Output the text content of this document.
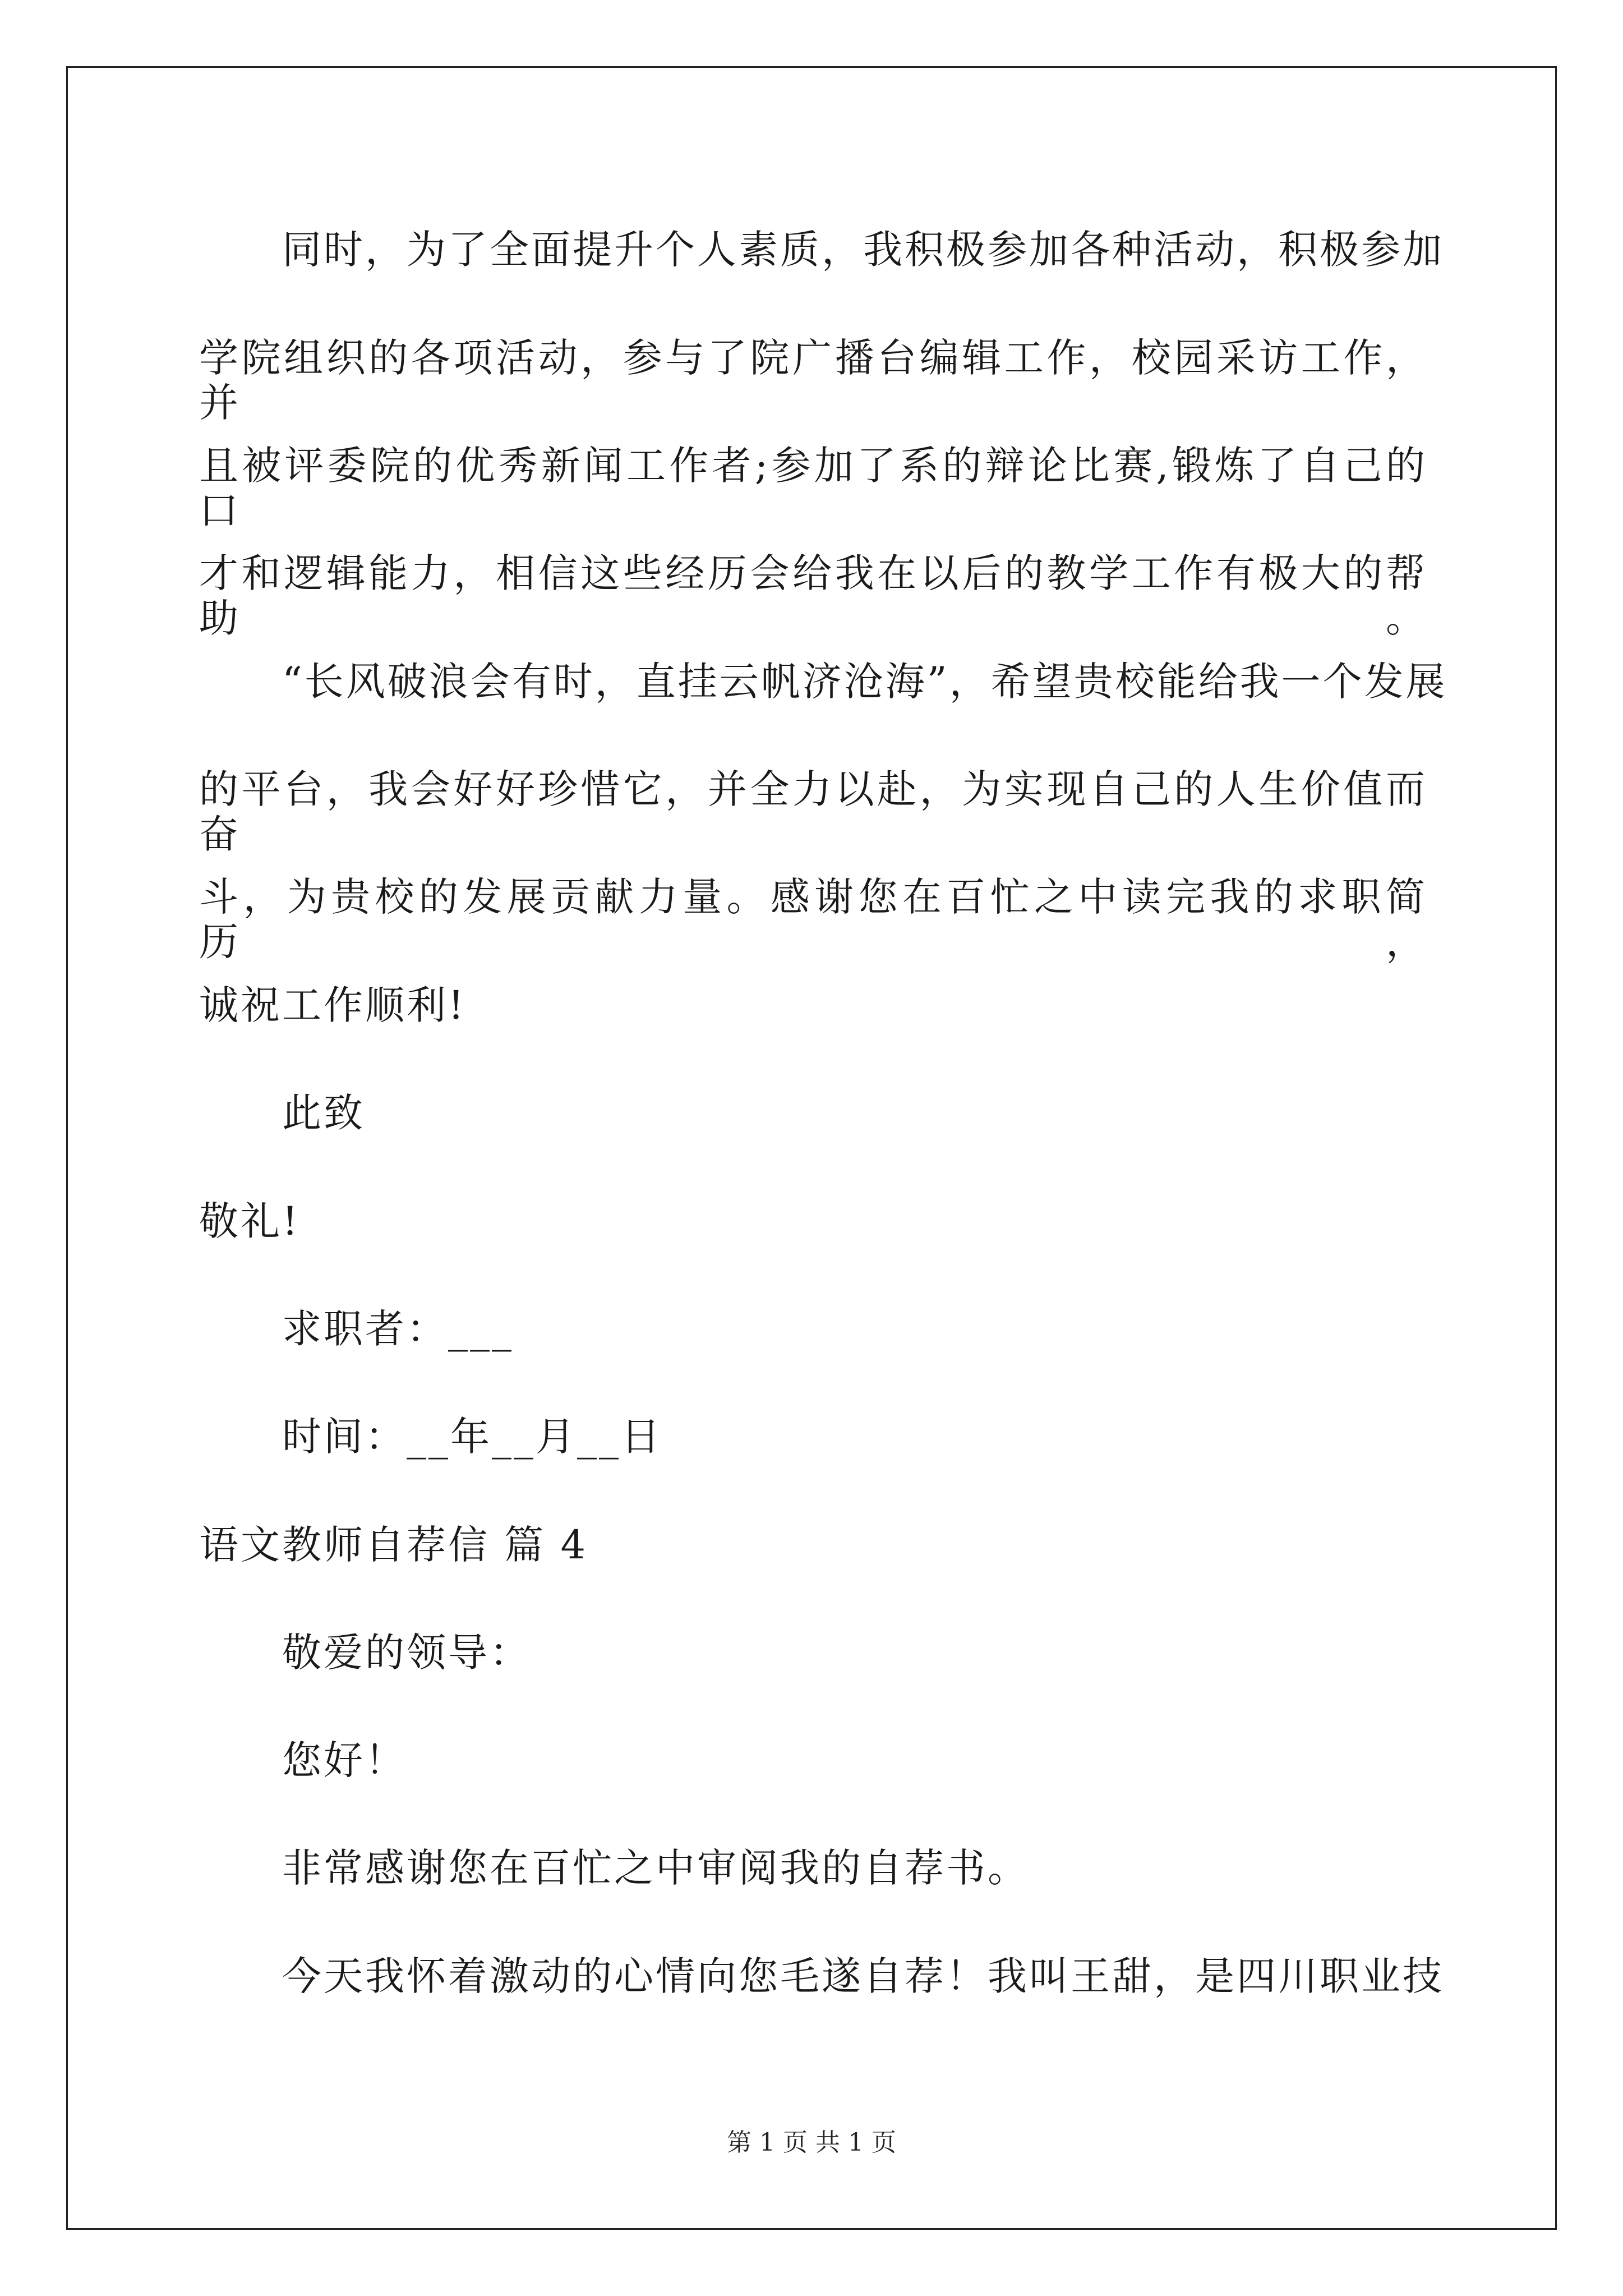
同时，为了全面提升个人素质，我积极参加各种活动，积极参加
学院组织的各项活动，参与了院广播台编辑工作，校园采访工作，并
且被评委院的优秀新闻工作者;参加了系的辩论比赛,锻炼了自己的口
才和逻辑能力，相信这些经历会给我在以后的教学工作有极大的帮助。
“长风破浪会有时，直挂云帆济沧海”，希望贵校能给我一个发展
的平台，我会好好珍惜它，并全力以赴，为实现自己的人生价值而奋
斗，为贵校的发展贡献力量。感谢您在百忙之中读完我的求职简历，
诚祝工作顺利!
此致
敬礼!
求职者：___
时间：__年__月__日
语文教师自荐信 篇 4
敬爱的领导：
您好！
非常感谢您在百忙之中审阅我的自荐书。
今天我怀着激动的心情向您毛遂自荐！我叫王甜，是四川职业技
第 1 页 共 1 页
